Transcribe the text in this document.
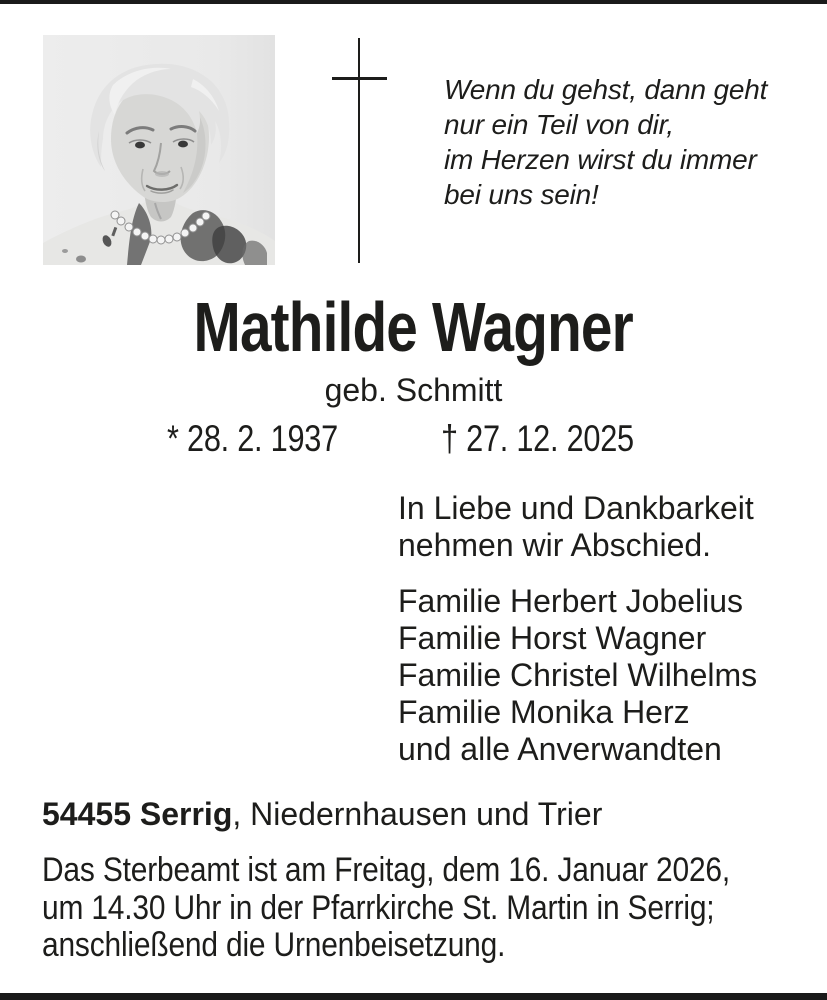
Wenn du gehst, dann geht
nur ein Teil von dir,
im Herzen wirst du immer
bei uns sein!
Mathilde Wagner
geb. Schmitt
* 28. 2. 1937	† 27. 12. 2025
In Liebe und Dankbarkeit
nehmen wir Abschied.
Familie Herbert Jobelius
Familie Horst Wagner
Familie Christel Wilhelms
Familie Monika Herz
und alle Anverwandten
54455 Serrig, Niedernhausen und Trier
Das Sterbeamt ist am Freitag, dem 16. Januar 2026,
um 14.30 Uhr in der Pfarrkirche St. Martin in Serrig;
anschließend die Urnenbeisetzung.
